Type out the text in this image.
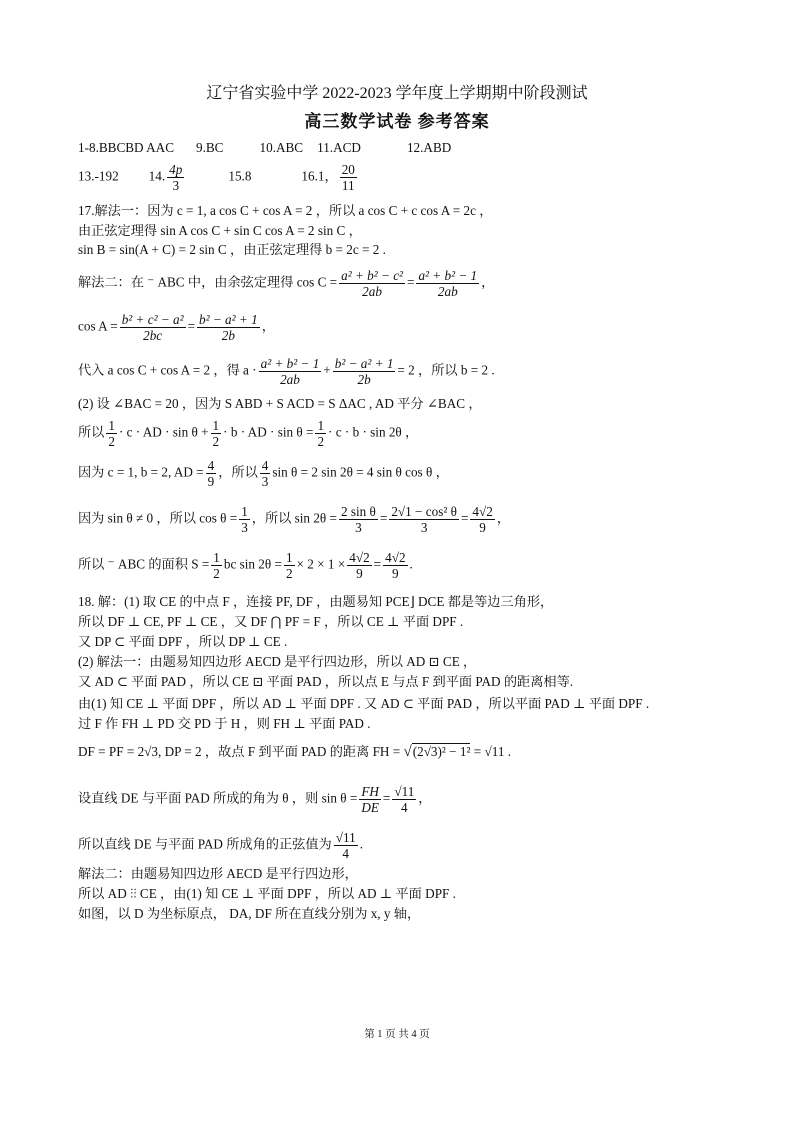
辽宁省实验中学 2022-2023 学年度上学期期中阶段测试
高三数学试卷 参考答案
1-8.BBCBD AAC 9.BC	10.ABC 11.ACD	12.ABD
13.-192 14. $\frac{4p}{3}$	15.8	16.1， $\frac{20}{11}$
17.解法一：因为 c = 1, a cos C + cos A = 2 ，所以 a cos C + c cos A = 2c ，
由正弦定理得 sin A cos C + sin C cos A = 2 sin C ，
sin B = sin(A + C) = 2 sin C ，由正弦定理得 b = 2c = 2 .
解法二：在 ⁻ ABC 中，由余弦定理得 $\cos C = \frac{\text{a² + b² − c²}}{2ab} = \frac{\text{a² + b² − 1}}{2ab}$ ，
$\cos A = \frac{\text{b² + c² − a²}}{2bc} = \frac{\text{b² − a² + 1}}{2b}$ ，
代入 a cos C + cos A = 2 ，得 $a \cdot \frac{\text{a² + b² − 1}}{2ab} + \frac{\text{b² − a² + 1}}{2b} = 2$ ，所以 b = 2 .
(2) 设 ∠BAC = 20 ，因为 S ABD + S ACD = S ΔAC , AD 平分 ∠BAC ，
所以 $\frac{1}{2} \cdot c$ · AD · $\sin \theta + \frac{1}{2} \cdot b$ · AD · $\sin \theta = \frac{1}{2} \cdot c \cdot b \cdot \sin 2\theta$ ，
因为 c = 1, b = 2, AD = $\frac{4}{9}$ ，所以 $\frac{4}{3}$ sin θ = 2 sin 2θ = 4 sin θ cos θ ，
因为 sin θ ≠ 0 ，所以 $\cos \theta = \frac{1}{3}$ ，所以 $\sin 2\theta = \frac{\text{2 sin θ}}{3} = \frac{\text{2√1 − cos² θ}}{3} = \frac{4√2}{9}$ ，
所以 ⁻ ABC 的面积 $S = \frac{1}{2}$ bc $\sin 2\theta = \frac{1}{2} \times 2 \times 1 \times \frac{4√2}{9} = \frac{4√2}{9}$ .
18. 解：(1) 取 CE 的中点 F ，连接 PF, DF ，由题易知 PCE⌋ DCE 都是等边三角形，
所以 DF ⊥ CE, PF ⊥ CE ，又 DF ⋂ PF = F ，所以 CE ⊥ 平面 DPF .
又 DP ⊂ 平面 DPF ，所以 DP ⊥ CE .
(2) 解法一：由题易知四边形 AECD 是平行四边形，所以 AD ⊡ CE ，
又 AD ⊂ 平面 PAD ，所以 CE ⊡ 平面 PAD ，所以点 E 与点 F 到平面 PAD 的距离相等.
由(1) 知 CE ⊥ 平面 DPF ，所以 AD ⊥ 平面 DPF . 又 AD ⊂ 平面 PAD ，所以平面 PAD ⊥ 平面 DPF .
过 F 作 FH ⊥ PD 交 PD 于 H ，则 FH ⊥ 平面 PAD .
DF = PF = 2√3, DP = 2 ，故点 F 到平面 PAD 的距离 FH = √(2√3)² − 1² = √11 .
设直线 DE 与平面 PAD 所成的角为 θ ，则 $\sin \theta = \frac{FH}{DE} = \frac{√11}{4}$ ，
所以直线 DE 与平面 PAD 所成角的正弦值为 $\frac{√11}{4}$ .
解法二：由题易知四边形 AECD 是平行四边形，
所以 AD ⫶⫶ CE ，由(1) 知 CE ⊥ 平面 DPF ，所以 AD ⊥ 平面 DPF .
如图，以 D 为坐标原点， DA, DF 所在直线分别为 x, y 轴，
第 1 页 共 4 页
